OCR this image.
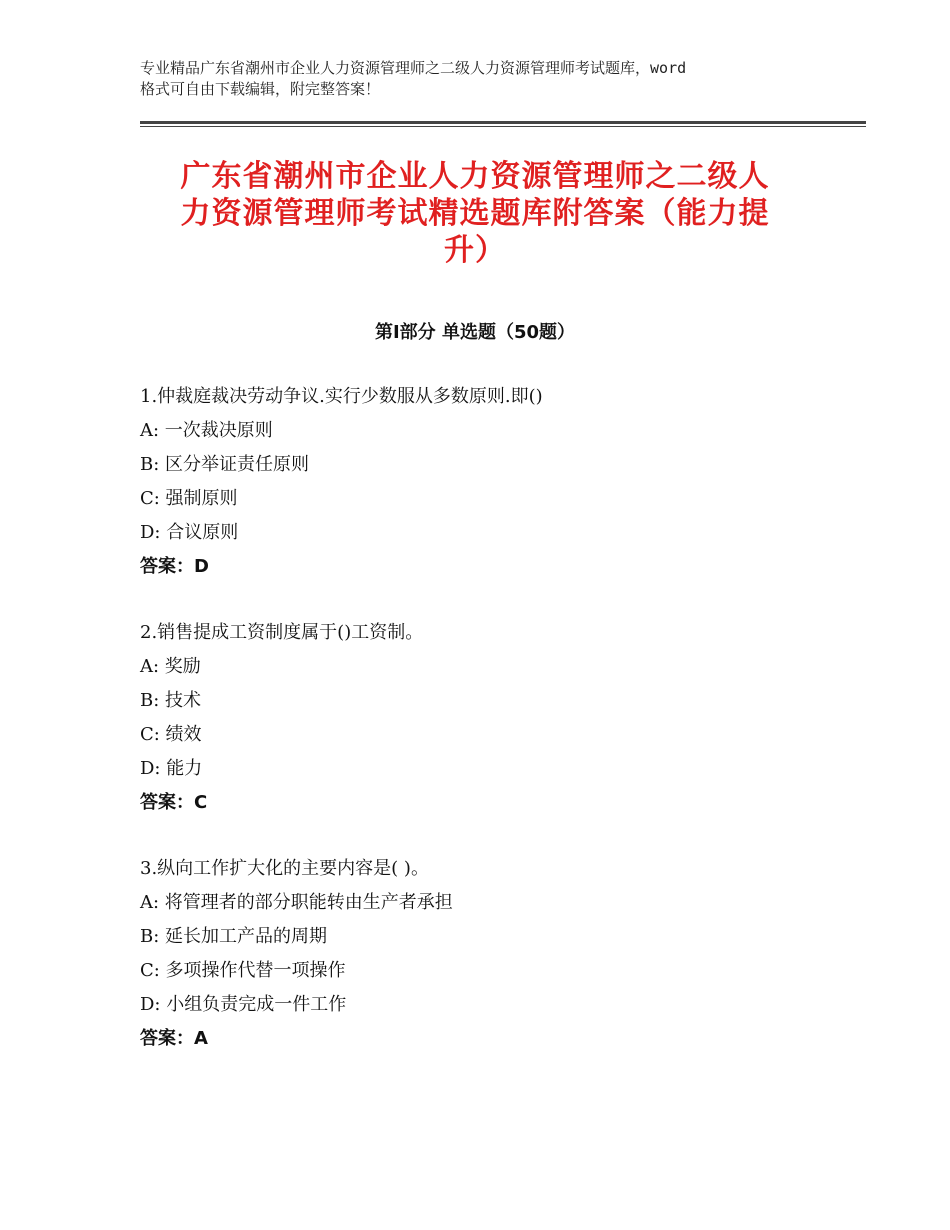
专业精品广东省潮州市企业人力资源管理师之二级人力资源管理师考试题库，word
格式可自由下载编辑，附完整答案！
广东省潮州市企业人力资源管理师之二级人
力资源管理师考试精选题库附答案（能力提
升）
第Ⅰ部分 单选题（50题）
1.仲裁庭裁决劳动争议.实行少数服从多数原则.即()
A: 一次裁决原则
B: 区分举证责任原则
C: 强制原则
D: 合议原则
答案：D
2.销售提成工资制度属于()工资制。
A: 奖励
B: 技术
C: 绩效
D: 能力
答案：C
3.纵向工作扩大化的主要内容是( )。
A: 将管理者的部分职能转由生产者承担
B: 延长加工产品的周期
C: 多项操作代替一项操作
D: 小组负责完成一件工作
答案：A
